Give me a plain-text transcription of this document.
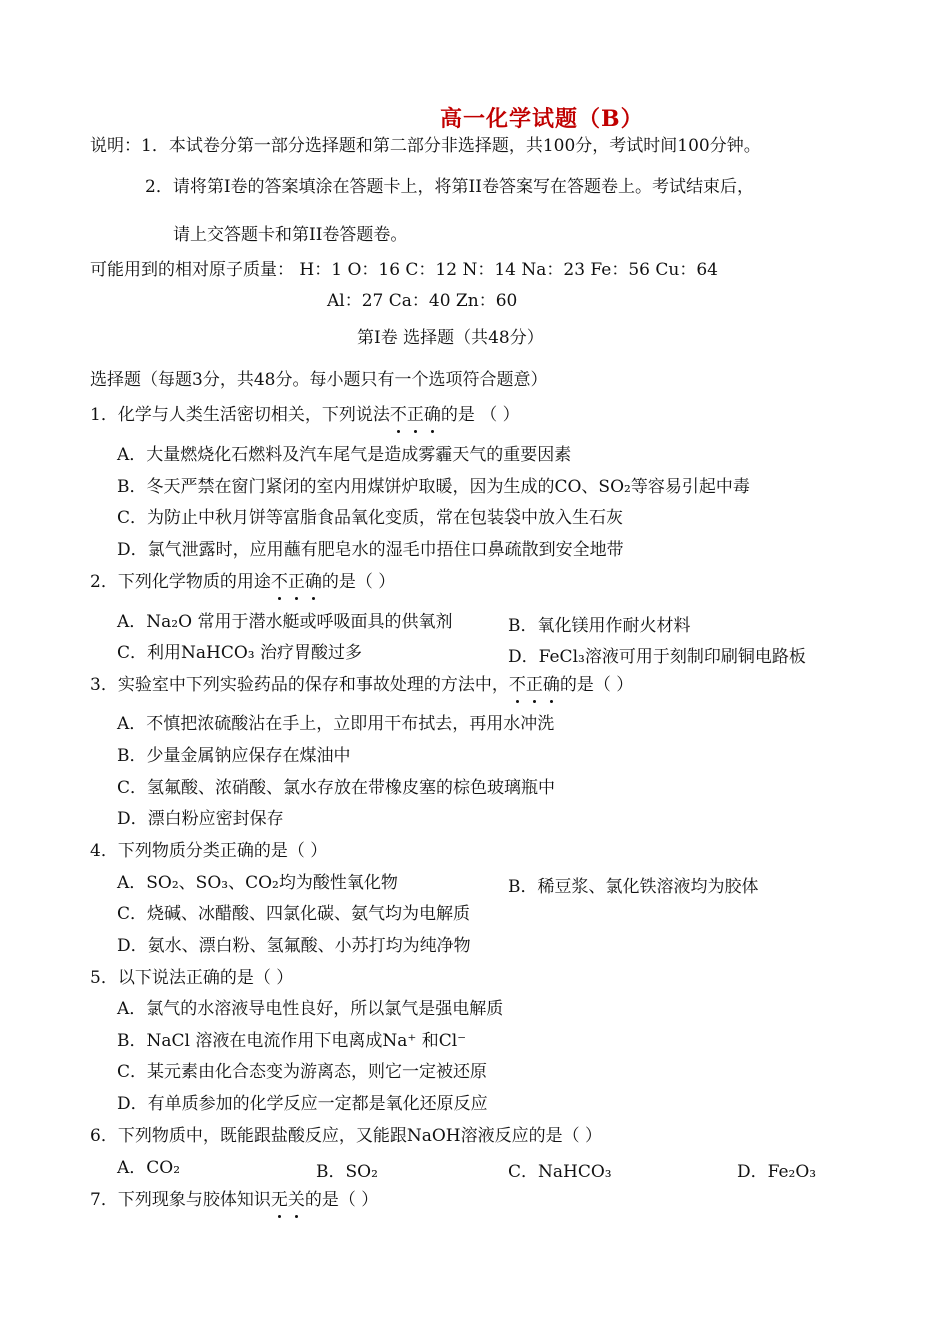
高一化学试题（B）
说明：1．本试卷分第一部分选择题和第二部分非选择题，共100分，考试时间100分钟。
2．请将第Ⅰ卷的答案填涂在答题卡上，将第II卷答案写在答题卷上。考试结束后，
请上交答题卡和第II卷答题卷。
可能用到的相对原子质量： H：1 O：16 C：12 N：14 Na：23 Fe：56 Cu：64
Al：27 Ca：40 Zn：60
第Ⅰ卷 选择题（共48分）
选择题（每题3分，共48分。每小题只有一个选项符合题意）
1．化学与人类生活密切相关，下列说法不正确的是 （ ）
A．大量燃烧化石燃料及汽车尾气是造成雾霾天气的重要因素
B．冬天严禁在窗门紧闭的室内用煤饼炉取暖，因为生成的CO、SO₂等容易引起中毒
C．为防止中秋月饼等富脂食品氧化变质，常在包装袋中放入生石灰
D．氯气泄露时，应用蘸有肥皂水的湿毛巾捂住口鼻疏散到安全地带
2．下列化学物质的用途不正确的是（ ）
A．Na₂O 常用于潜水艇或呼吸面具的供氧剂	B．氧化镁用作耐火材料
C．利用NaHCO₃ 治疗胃酸过多	D．FeCl₃溶液可用于刻制印刷铜电路板
3．实验室中下列实验药品的保存和事故处理的方法中，不正确的是（ ）
A．不慎把浓硫酸沾在手上，立即用干布拭去，再用水冲洗
B．少量金属钠应保存在煤油中
C．氢氟酸、浓硝酸、氯水存放在带橡皮塞的棕色玻璃瓶中
D．漂白粉应密封保存
4．下列物质分类正确的是（ ）
A．SO₂、SO₃、CO₂均为酸性氧化物	B．稀豆浆、氯化铁溶液均为胶体
C．烧碱、冰醋酸、四氯化碳、氨气均为电解质
D．氨水、漂白粉、氢氟酸、小苏打均为纯净物
5．以下说法正确的是（ ）
A．氯气的水溶液导电性良好，所以氯气是强电解质
B．NaCl 溶液在电流作用下电离成Na⁺ 和Cl⁻
C．某元素由化合态变为游离态，则它一定被还原
D．有单质参加的化学反应一定都是氧化还原反应
6．下列物质中，既能跟盐酸反应，又能跟NaOH溶液反应的是（ ）
A．CO₂	B．SO₂	C．NaHCO₃	D．Fe₂O₃
7．下列现象与胶体知识无关的是（ ）
